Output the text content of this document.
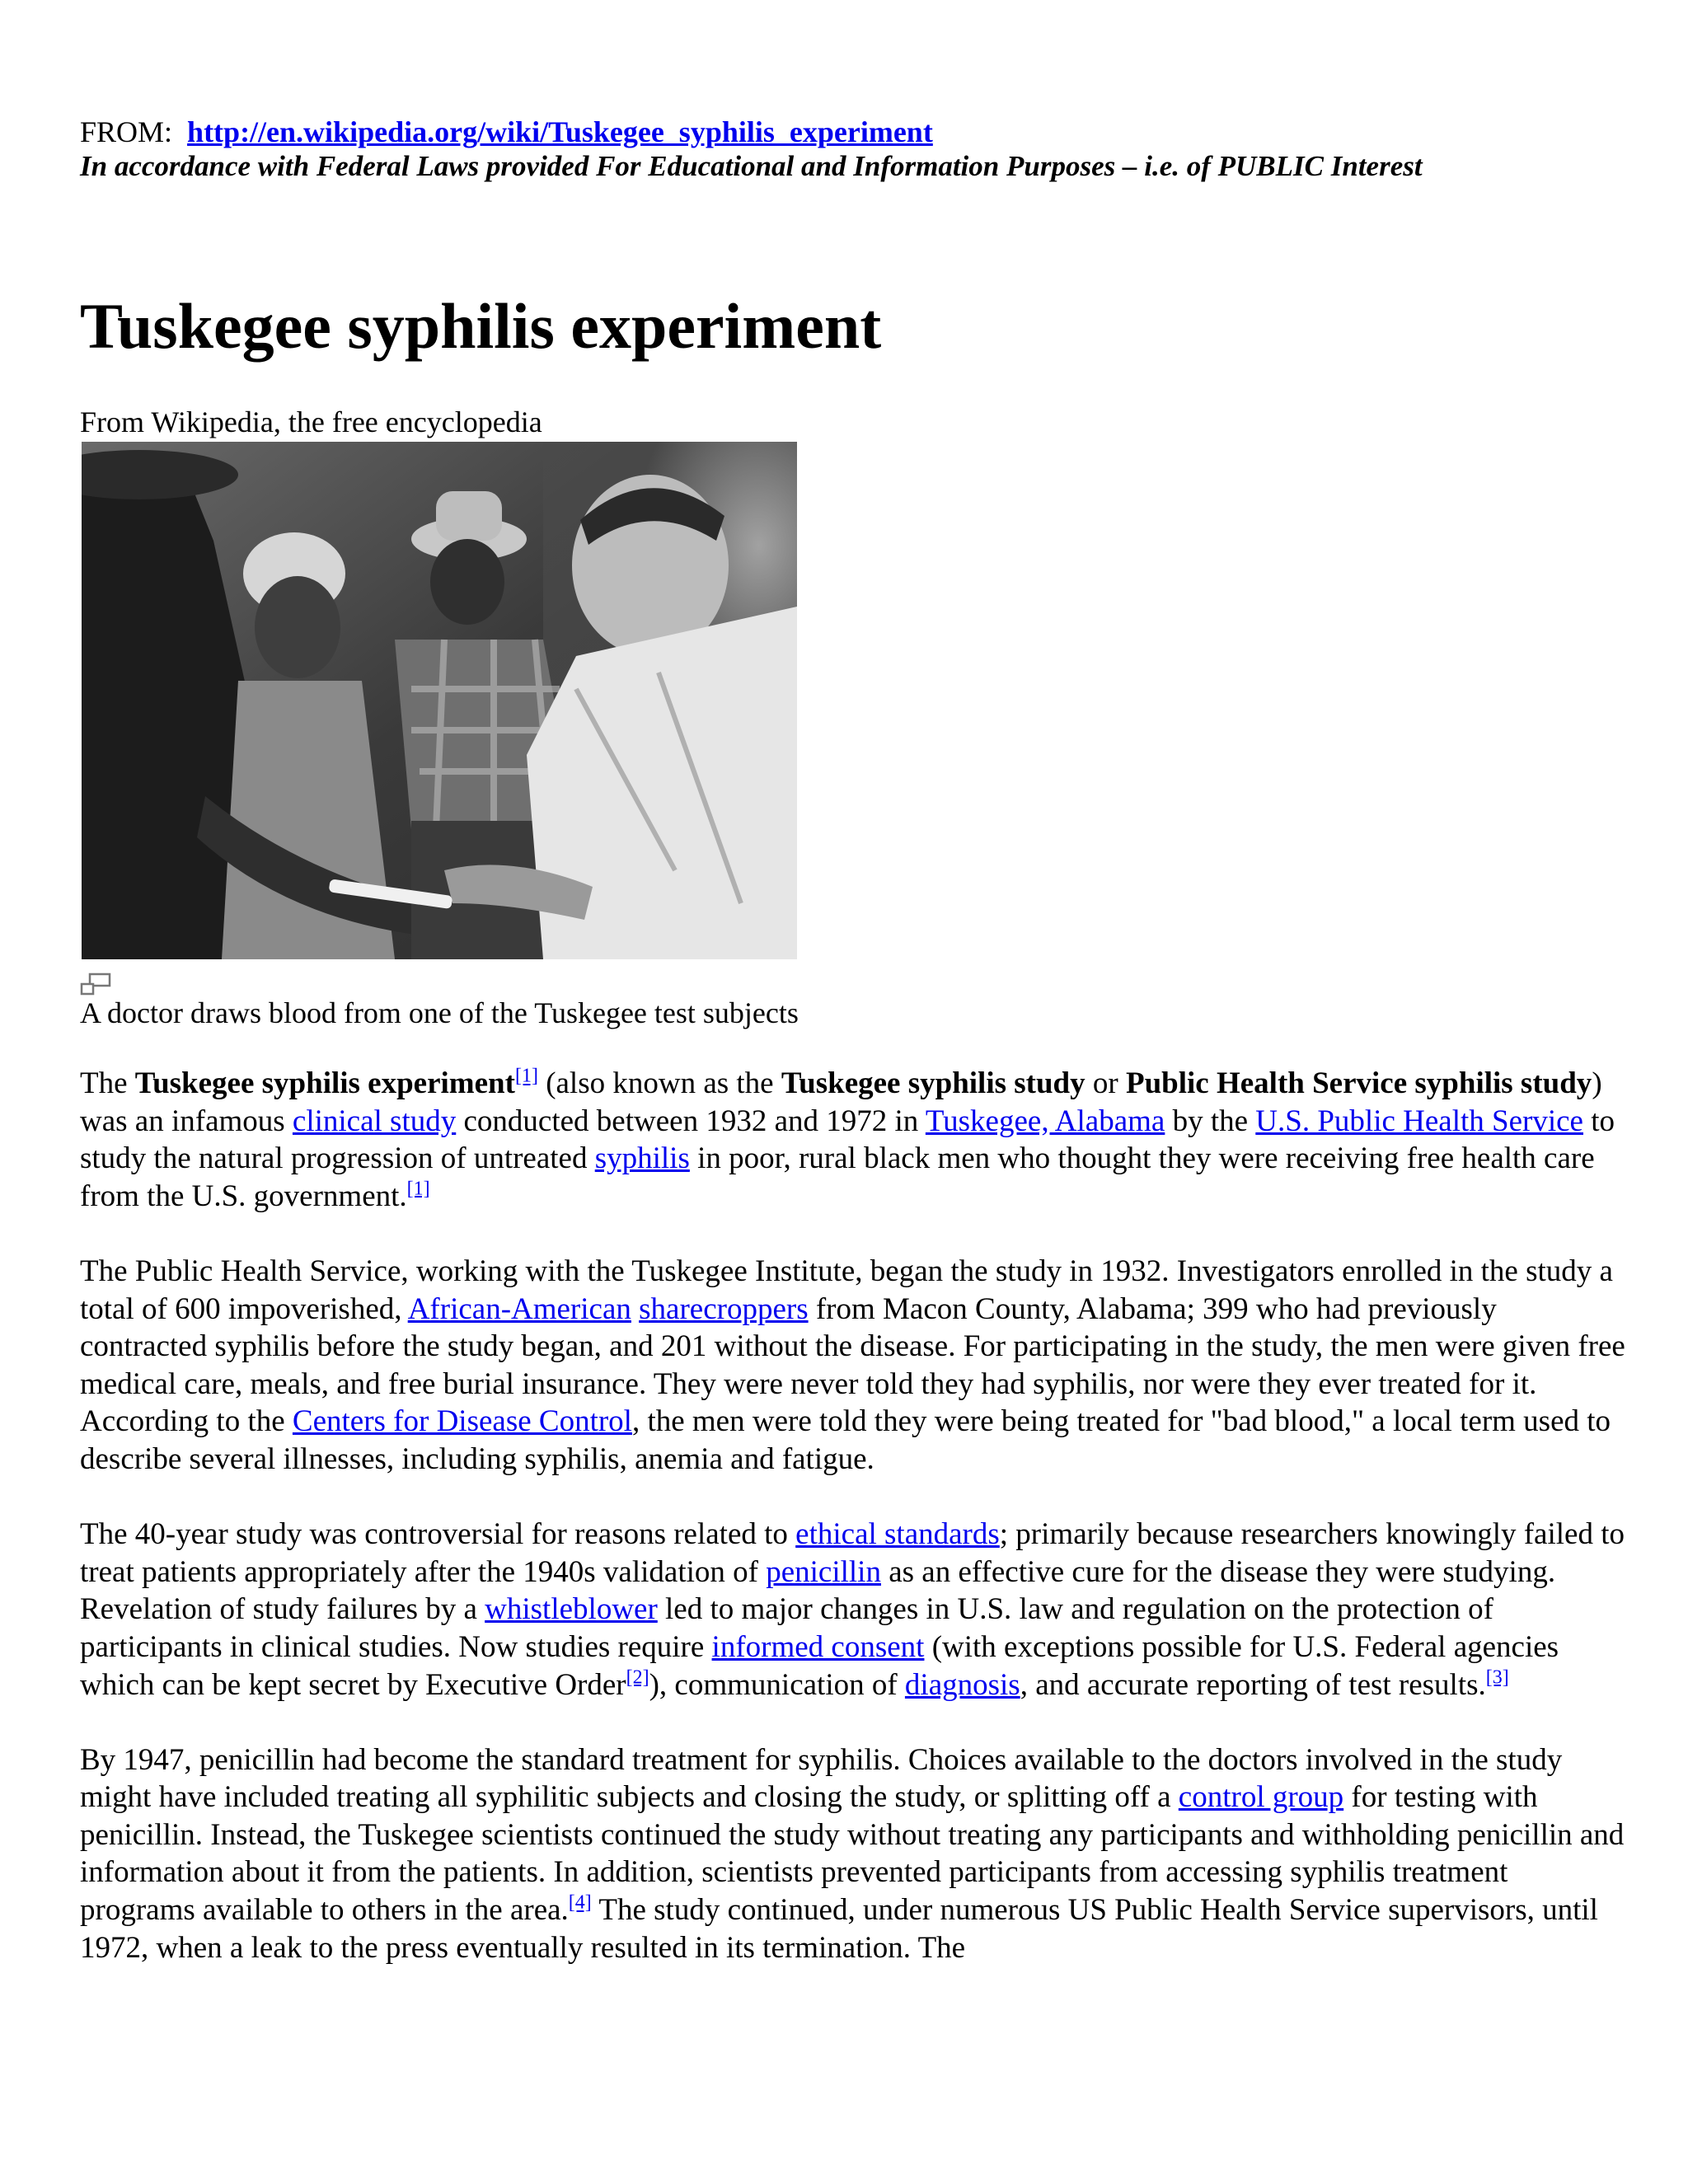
FROM: http://en.wikipedia.org/wiki/Tuskegee_syphilis_experiment
In accordance with Federal Laws provided For Educational and Information Purposes – i.e. of PUBLIC Interest
Tuskegee syphilis experiment
From Wikipedia, the free encyclopedia
A doctor draws blood from one of the Tuskegee test subjects

The Tuskegee syphilis experiment[1] (also known as the Tuskegee syphilis study or Public Health Service syphilis study) was an infamous clinical study conducted between 1932 and 1972 in Tuskegee, Alabama by the U.S. Public Health Service to study the natural progression of untreated syphilis in poor, rural black men who thought they were receiving free health care from the U.S. government.[1]

The Public Health Service, working with the Tuskegee Institute, began the study in 1932. Investigators enrolled in the study a total of 600 impoverished, African-American sharecroppers from Macon County, Alabama; 399 who had previously contracted syphilis before the study began, and 201 without the disease. For participating in the study, the men were given free medical care, meals, and free burial insurance. They were never told they had syphilis, nor were they ever treated for it. According to the Centers for Disease Control, the men were told they were being treated for "bad blood," a local term used to describe several illnesses, including syphilis, anemia and fatigue.

The 40-year study was controversial for reasons related to ethical standards; primarily because researchers knowingly failed to treat patients appropriately after the 1940s validation of penicillin as an effective cure for the disease they were studying. Revelation of study failures by a whistleblower led to major changes in U.S. law and regulation on the protection of participants in clinical studies. Now studies require informed consent (with exceptions possible for U.S. Federal agencies which can be kept secret by Executive Order[2]), communication of diagnosis, and accurate reporting of test results.[3]

By 1947, penicillin had become the standard treatment for syphilis. Choices available to the doctors involved in the study might have included treating all syphilitic subjects and closing the study, or splitting off a control group for testing with penicillin. Instead, the Tuskegee scientists continued the study without treating any participants and withholding penicillin and information about it from the patients. In addition, scientists prevented participants from accessing syphilis treatment programs available to others in the area.[4] The study continued, under numerous US Public Health Service supervisors, until 1972, when a leak to the press eventually resulted in its termination. The
